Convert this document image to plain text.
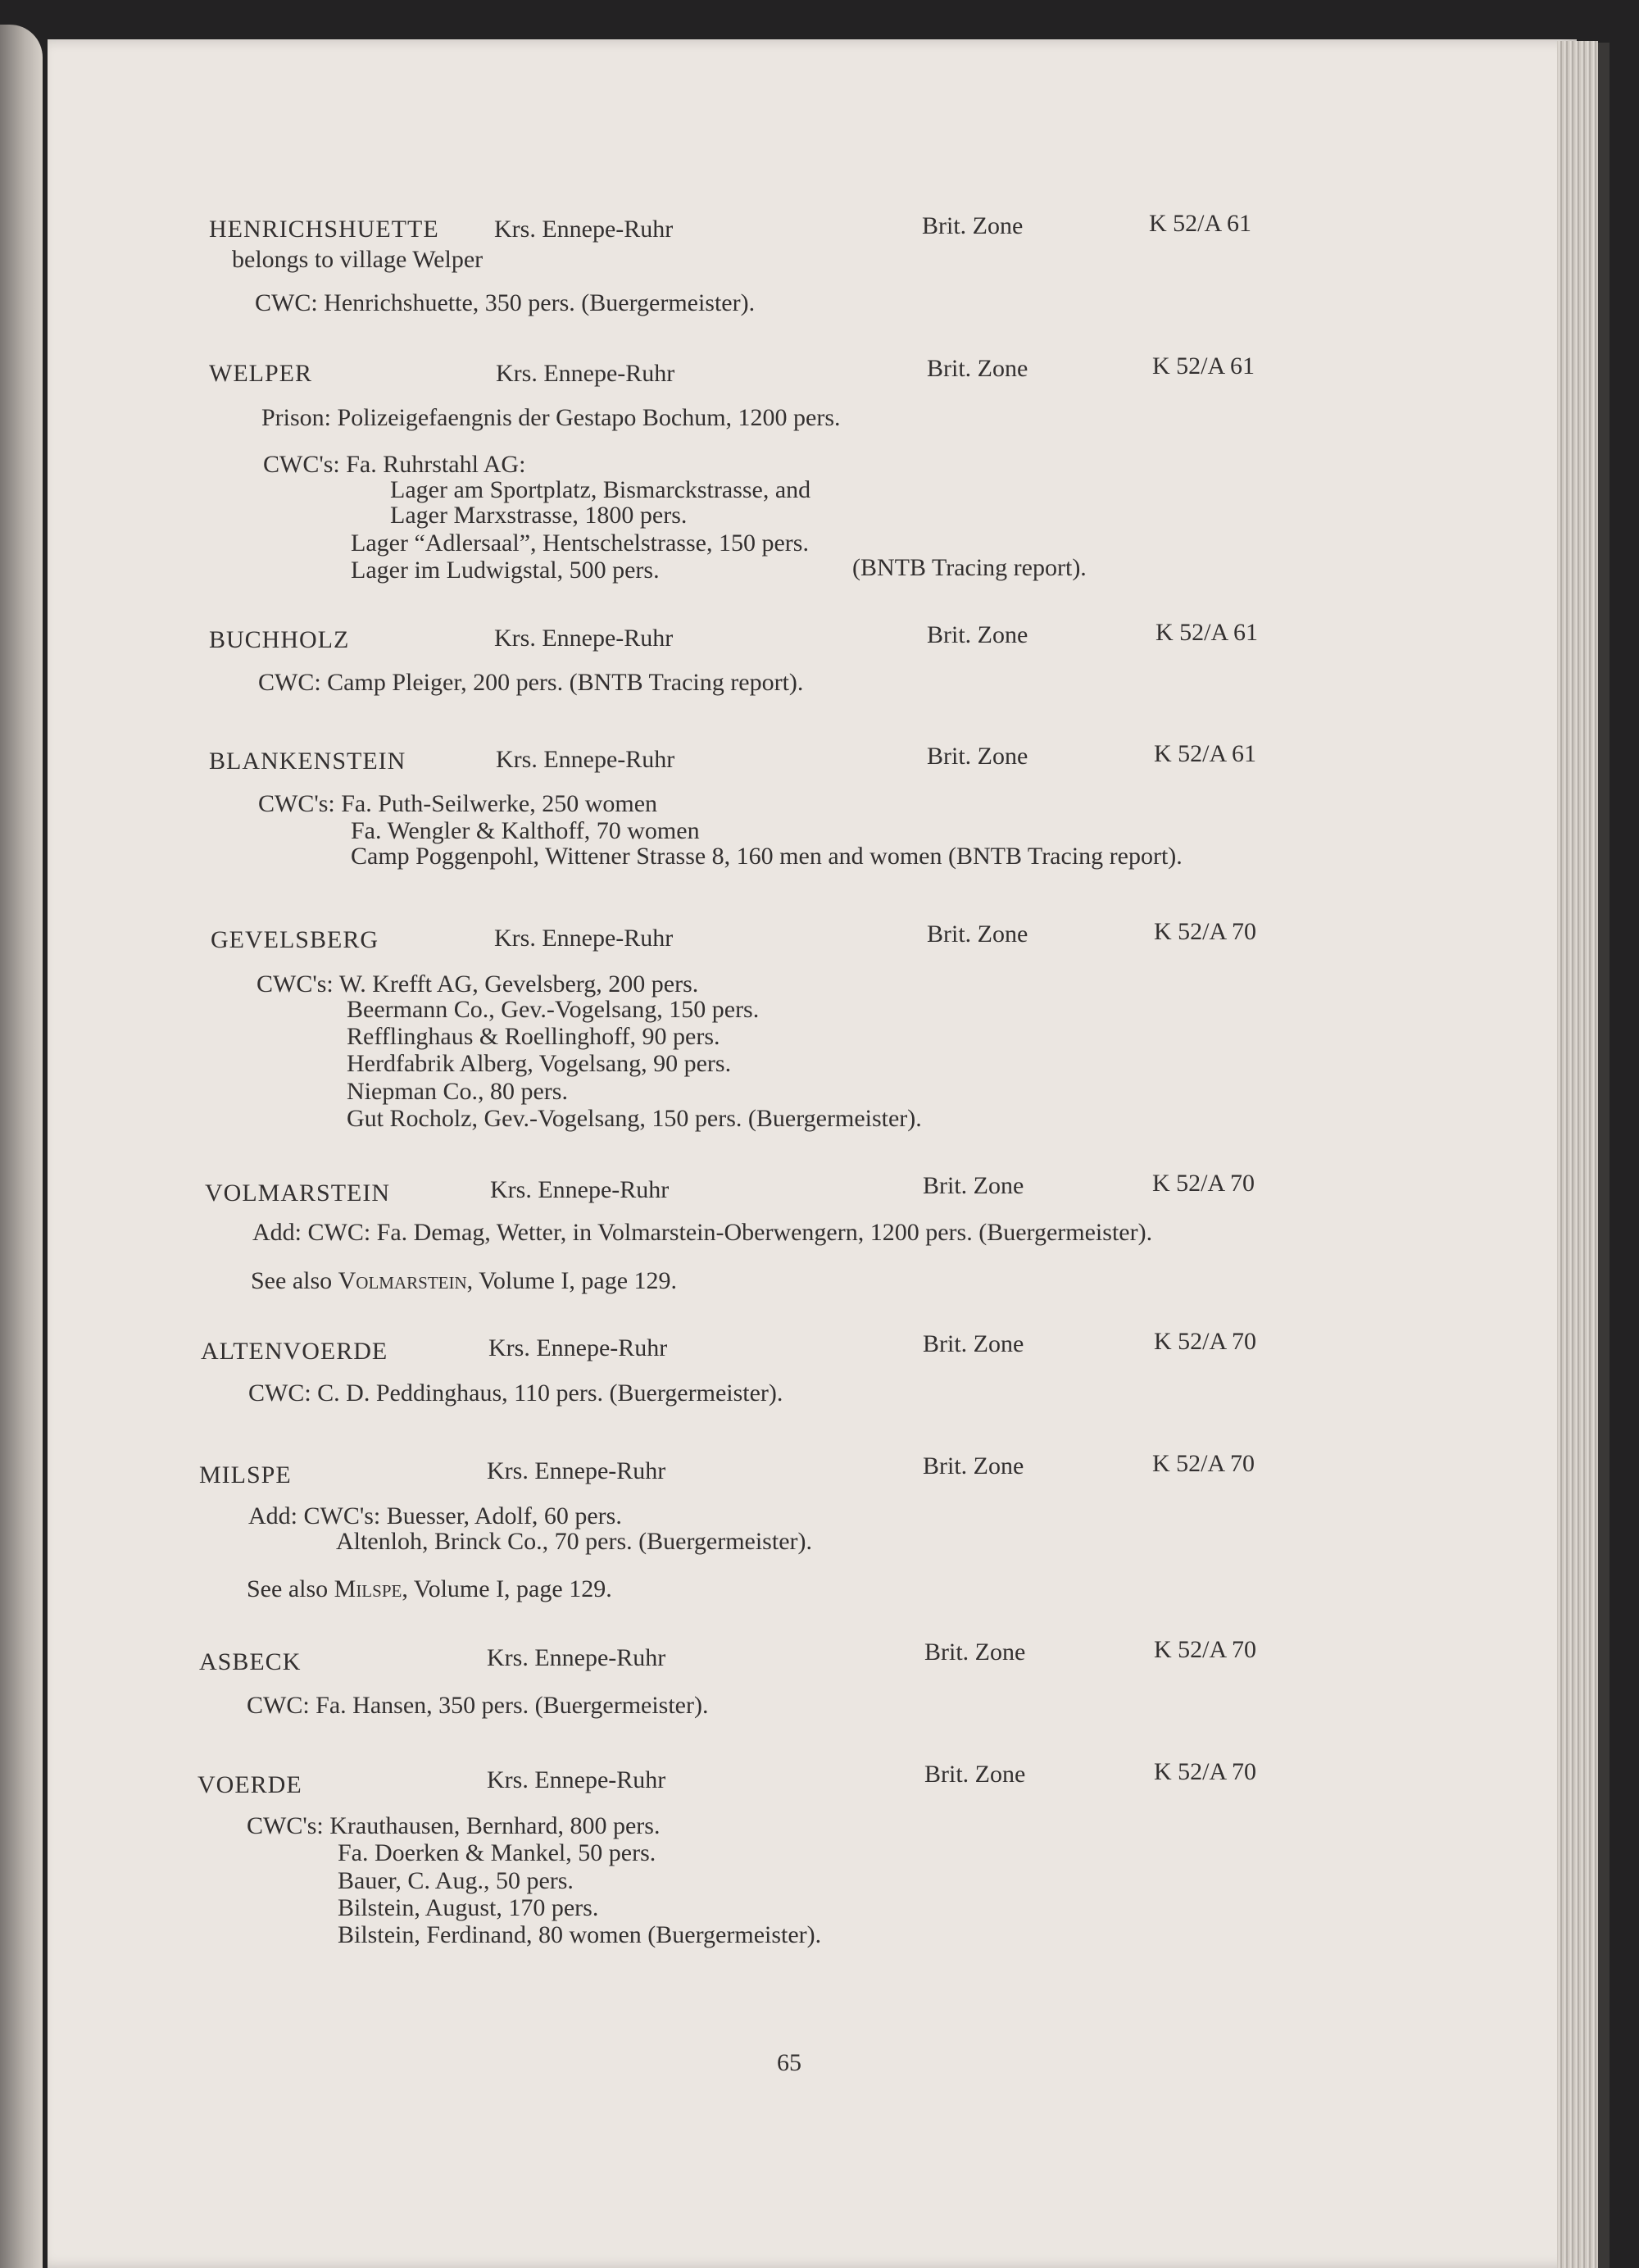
HENRICHSHUETTE Krs. Ennepe-Ruhr	Brit. Zone	K 52/A 61
belongs to village Welper
CWC: Henrichshuette, 350 pers. (Buergermeister).
WELPER	Krs. Ennepe-Ruhr	Brit. Zone	K 52/A 61
Prison: Polizeigefaengnis der Gestapo Bochum, 1200 pers.
CWC's: Fa. Ruhrstahl AG:
Lager am Sportplatz, Bismarckstrasse, and
Lager Marxstrasse, 1800 pers.
Lager “Adlersaal”, Hentschelstrasse, 150 pers.
Lager im Ludwigstal, 500 pers.	(BNTB Tracing report).
BUCHHOLZ	Krs. Ennepe-Ruhr	Brit. Zone	K 52/A 61
CWC: Camp Pleiger, 200 pers. (BNTB Tracing report).
BLANKENSTEIN	Krs. Ennepe-Ruhr	Brit. Zone	K 52/A 61
CWC's: Fa. Puth-Seilwerke, 250 women
Fa. Wengler & Kalthoff, 70 women
Camp Poggenpohl, Wittener Strasse 8, 160 men and women (BNTB Tracing report).
GEVELSBERG	Krs. Ennepe-Ruhr	Brit. Zone	K 52/A 70
CWC's: W. Krefft AG, Gevelsberg, 200 pers.
Beermann Co., Gev.-Vogelsang, 150 pers.
Refflinghaus & Roellinghoff, 90 pers.
Herdfabrik Alberg, Vogelsang, 90 pers.
Niepman Co., 80 pers.
Gut Rocholz, Gev.-Vogelsang, 150 pers. (Buergermeister).
VOLMARSTEIN	Krs. Ennepe-Ruhr	Brit. Zone	K 52/A 70
Add: CWC: Fa. Demag, Wetter, in Volmarstein-Oberwengern, 1200 pers. (Buergermeister).
See also Volmarstein, Volume I, page 129.
ALTENVOERDE	Krs. Ennepe-Ruhr	Brit. Zone	K 52/A 70
CWC: C. D. Peddinghaus, 110 pers. (Buergermeister).
MILSPE	Krs. Ennepe-Ruhr	Brit. Zone	K 52/A 70
Add: CWC's: Buesser, Adolf, 60 pers.
Altenloh, Brinck Co., 70 pers. (Buergermeister).
See also Milspe, Volume I, page 129.
ASBECK	Krs. Ennepe-Ruhr	Brit. Zone	K 52/A 70
CWC: Fa. Hansen, 350 pers. (Buergermeister).
VOERDE	Krs. Ennepe-Ruhr	Brit. Zone	K 52/A 70
CWC's: Krauthausen, Bernhard, 800 pers.
Fa. Doerken & Mankel, 50 pers.
Bauer, C. Aug., 50 pers.
Bilstein, August, 170 pers.
Bilstein, Ferdinand, 80 women (Buergermeister).
65
